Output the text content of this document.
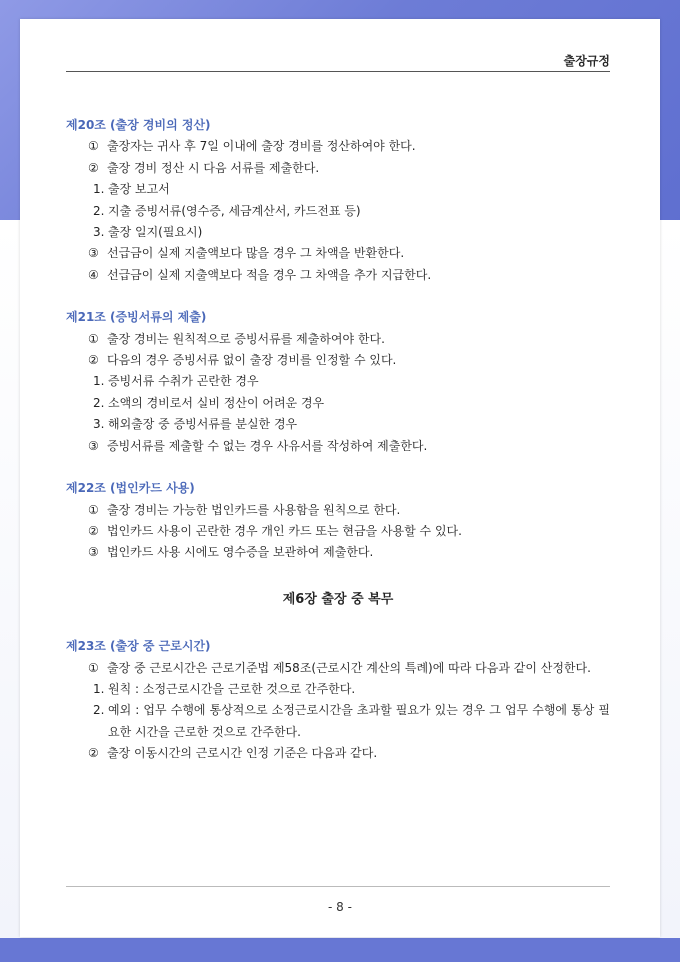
출장규정
제20조 (출장 경비의 정산)
① 출장자는 귀사 후 7일 이내에 출장 경비를 정산하여야 한다.
② 출장 경비 정산 시 다음 서류를 제출한다.
1. 출장 보고서
2. 지출 증빙서류(영수증, 세금계산서, 카드전표 등)
3. 출장 일지(필요시)
③ 선급금이 실제 지출액보다 많을 경우 그 차액을 반환한다.
④ 선급금이 실제 지출액보다 적을 경우 그 차액을 추가 지급한다.
제21조 (증빙서류의 제출)
① 출장 경비는 원칙적으로 증빙서류를 제출하여야 한다.
② 다음의 경우 증빙서류 없이 출장 경비를 인정할 수 있다.
1. 증빙서류 수취가 곤란한 경우
2. 소액의 경비로서 실비 정산이 어려운 경우
3. 해외출장 중 증빙서류를 분실한 경우
③ 증빙서류를 제출할 수 없는 경우 사유서를 작성하여 제출한다.
제22조 (법인카드 사용)
① 출장 경비는 가능한 법인카드를 사용함을 원칙으로 한다.
② 법인카드 사용이 곤란한 경우 개인 카드 또는 현금을 사용할 수 있다.
③ 법인카드 사용 시에도 영수증을 보관하여 제출한다.
제6장 출장 중 복무
제23조 (출장 중 근로시간)
① 출장 중 근로시간은 근로기준법 제58조(근로시간 계산의 특례)에 따라 다음과 같이 산정한다.
1. 원칙 : 소정근로시간을 근로한 것으로 간주한다.
2. 예외 : 업무 수행에 통상적으로 소정근로시간을 초과할 필요가 있는 경우 그 업무 수행에 통상 필요한 시간을 근로한 것으로 간주한다.
② 출장 이동시간의 근로시간 인정 기준은 다음과 같다.
- 8 -
